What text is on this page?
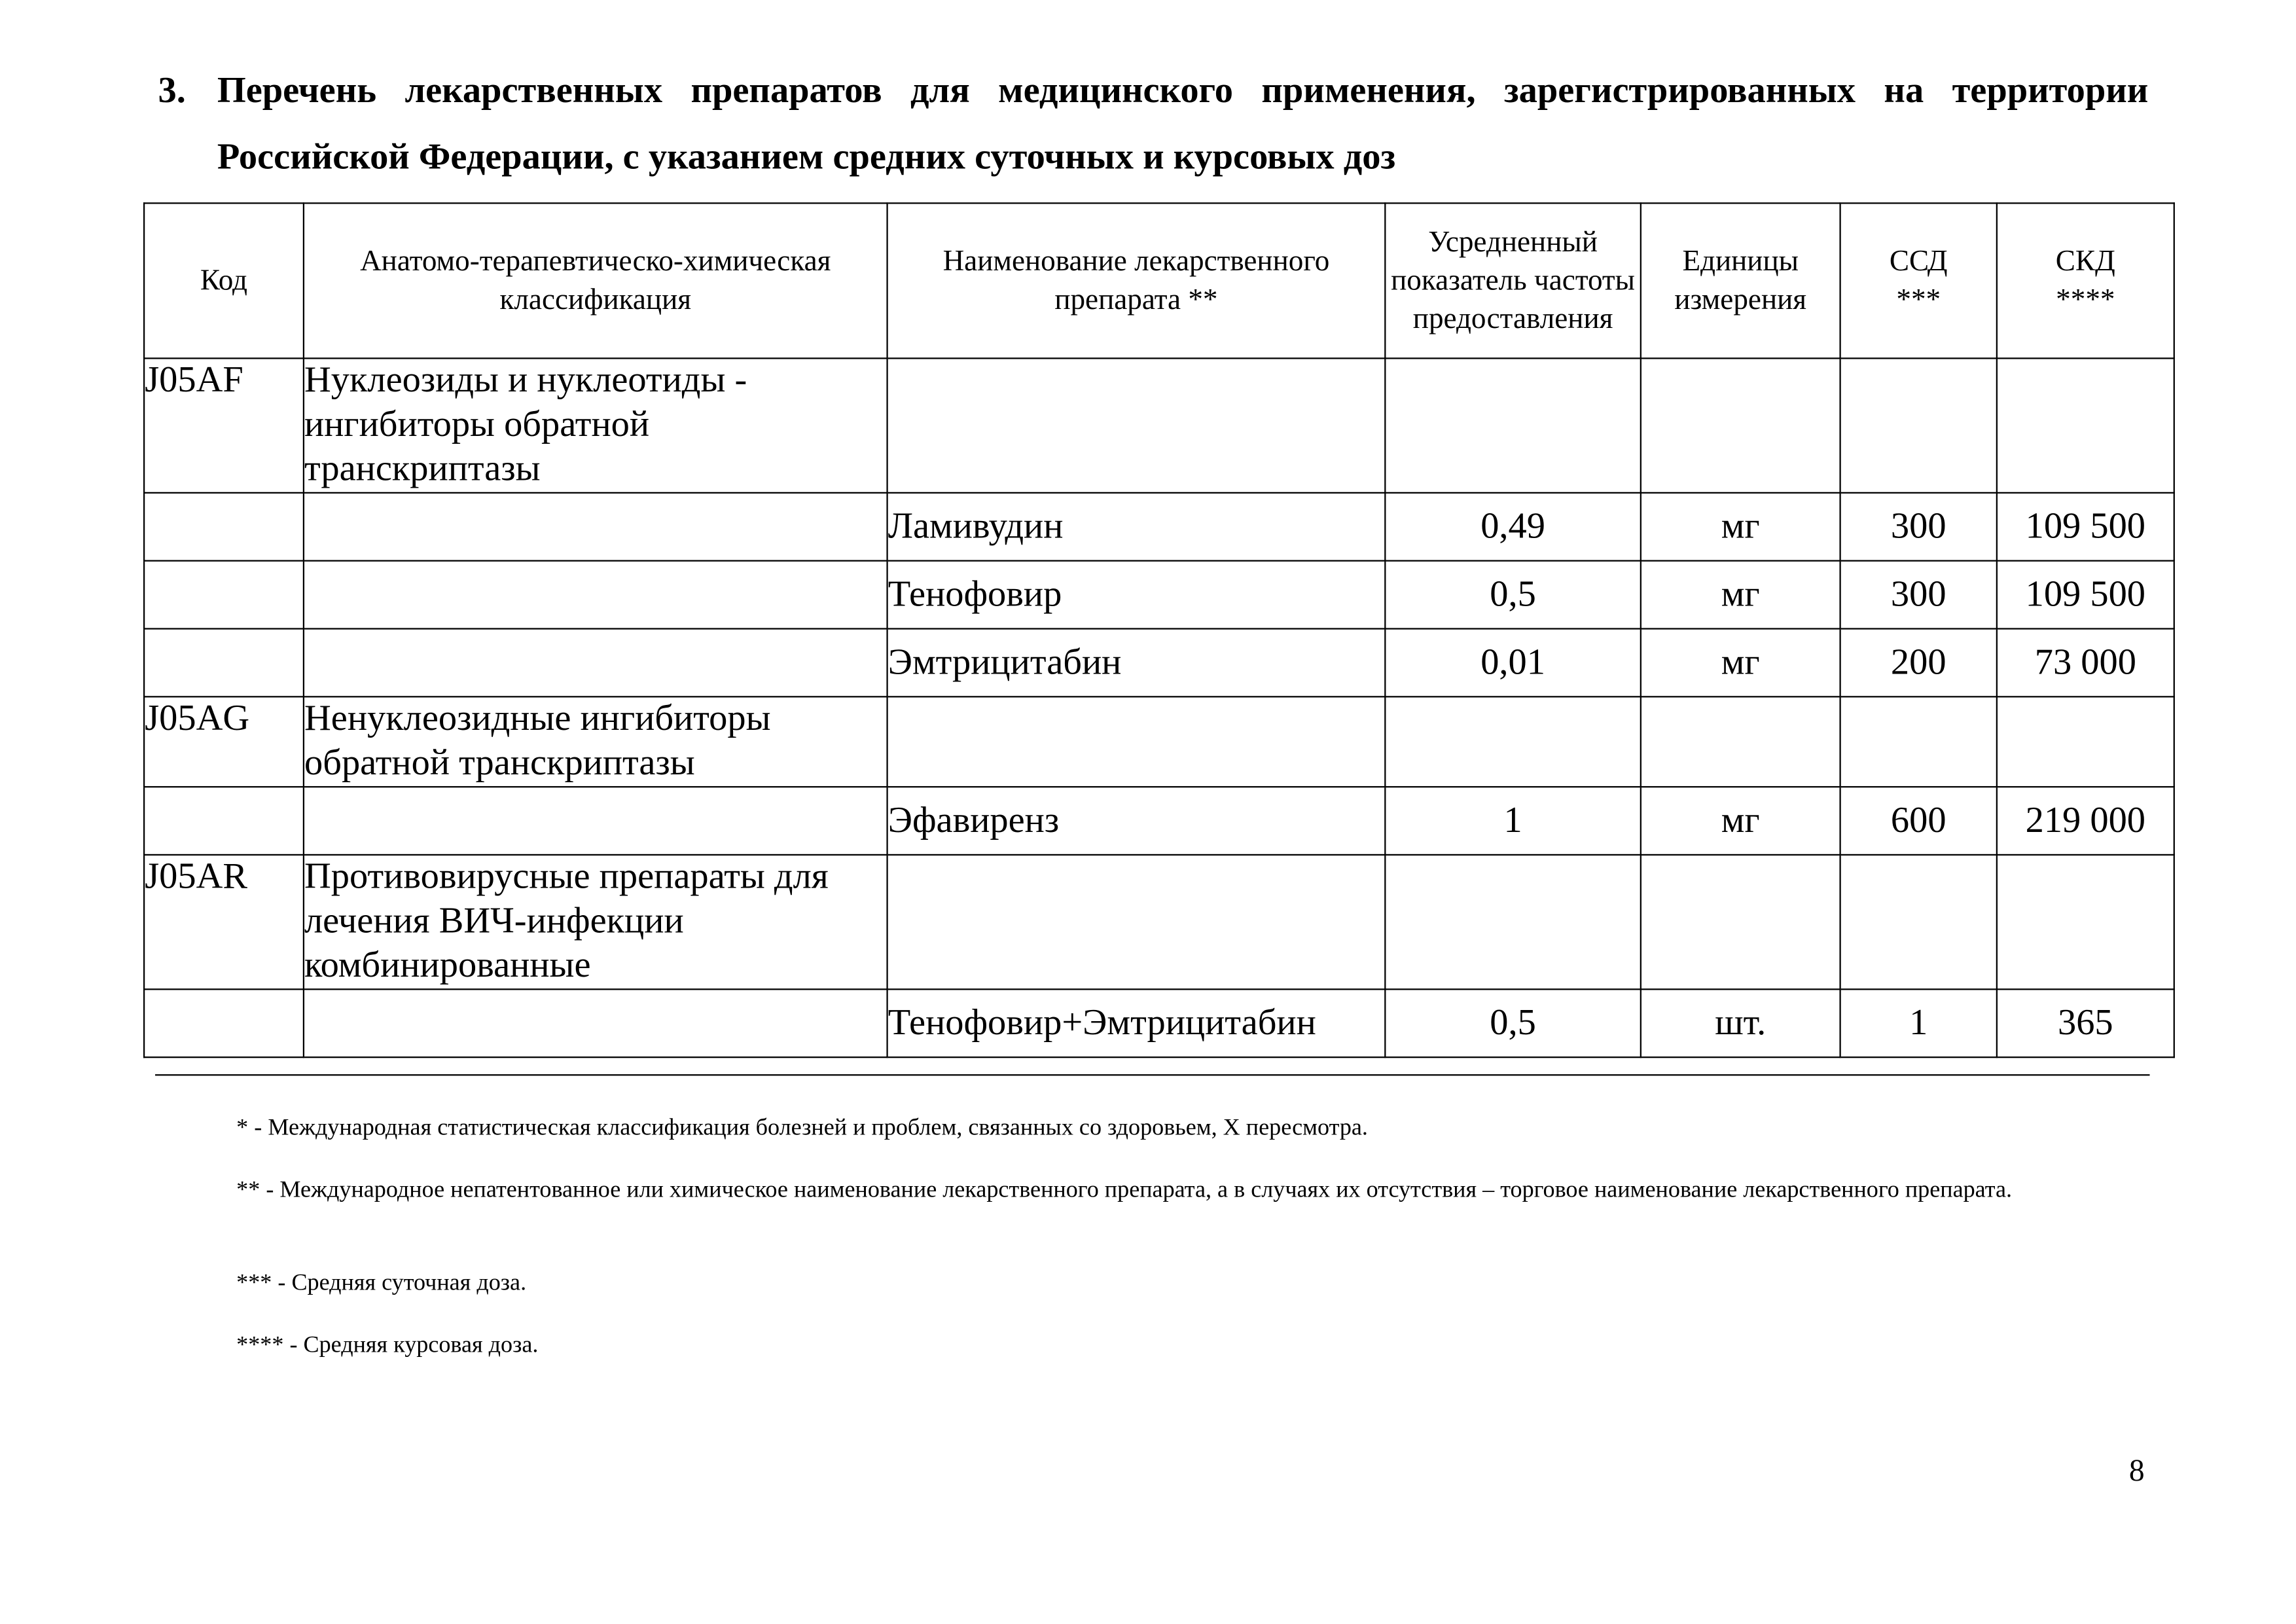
3. Перечень лекарственных препаратов для медицинского применения, зарегистрированных на территории
Российской Федерации, с указанием средних суточных и курсовых доз
Код	Анатомо-терапевтическо-химическая классификация	Наименование лекарственного препарата **	Усредненный показатель частоты предоставления	Единицы измерения	ССД ***	СКД ****
J05AF	Нуклеозиды и нуклеотиды - ингибиторы обратной транскриптазы					
		Ламивудин	0,49	мг	300	109 500
		Тенофовир	0,5	мг	300	109 500
		Эмтрицитабин	0,01	мг	200	73 000
J05AG	Ненуклеозидные ингибиторы обратной транскриптазы					
		Эфавиренз	1	мг	600	219 000
J05AR	Противовирусные препараты для лечения ВИЧ-инфекции комбинированные					
		Тенофовир+Эмтрицитабин	0,5	шт.	1	365
* - Международная статистическая классификация болезней и проблем, связанных со здоровьем, X пересмотра.
** - Международное непатентованное или химическое наименование лекарственного препарата, а в случаях их отсутствия – торговое наименование лекарственного препарата.
*** - Средняя суточная доза.
**** - Средняя курсовая доза.
8
